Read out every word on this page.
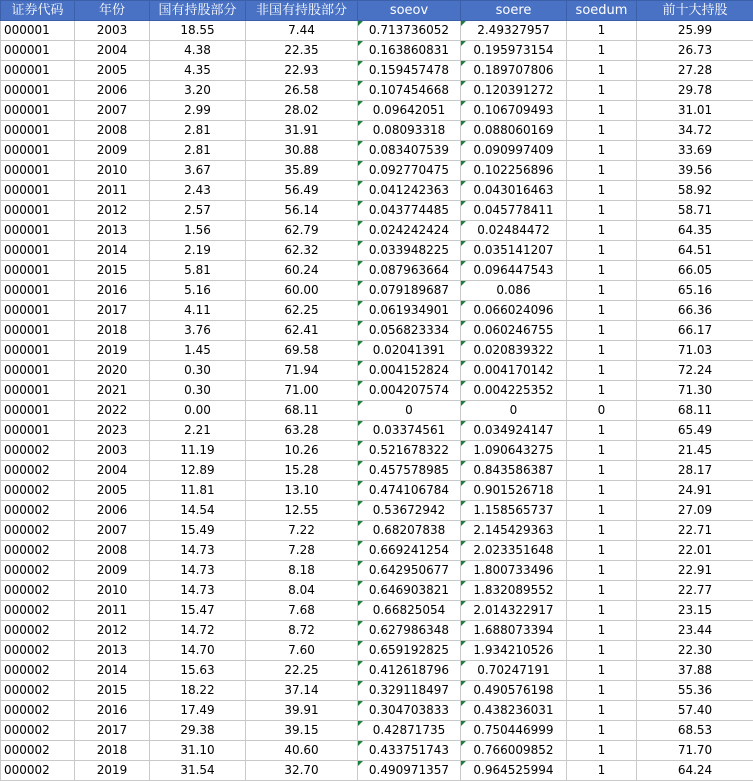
证券代码	年份	国有持股部分	非国有持股部分	soeov	soere	soedum	前十大持股
000001	2003	18.55	7.44	0.713736052	2.49327957	1	25.99
000001	2004	4.38	22.35	0.163860831	0.195973154	1	26.73
000001	2005	4.35	22.93	0.159457478	0.189707806	1	27.28
000001	2006	3.20	26.58	0.107454668	0.120391272	1	29.78
000001	2007	2.99	28.02	0.09642051	0.106709493	1	31.01
000001	2008	2.81	31.91	0.08093318	0.088060169	1	34.72
000001	2009	2.81	30.88	0.083407539	0.090997409	1	33.69
000001	2010	3.67	35.89	0.092770475	0.102256896	1	39.56
000001	2011	2.43	56.49	0.041242363	0.043016463	1	58.92
000001	2012	2.57	56.14	0.043774485	0.045778411	1	58.71
000001	2013	1.56	62.79	0.024242424	0.02484472	1	64.35
000001	2014	2.19	62.32	0.033948225	0.035141207	1	64.51
000001	2015	5.81	60.24	0.087963664	0.096447543	1	66.05
000001	2016	5.16	60.00	0.079189687	0.086	1	65.16
000001	2017	4.11	62.25	0.061934901	0.066024096	1	66.36
000001	2018	3.76	62.41	0.056823334	0.060246755	1	66.17
000001	2019	1.45	69.58	0.02041391	0.020839322	1	71.03
000001	2020	0.30	71.94	0.004152824	0.004170142	1	72.24
000001	2021	0.30	71.00	0.004207574	0.004225352	1	71.30
000001	2022	0.00	68.11	0	0	0	68.11
000001	2023	2.21	63.28	0.03374561	0.034924147	1	65.49
000002	2003	11.19	10.26	0.521678322	1.090643275	1	21.45
000002	2004	12.89	15.28	0.457578985	0.843586387	1	28.17
000002	2005	11.81	13.10	0.474106784	0.901526718	1	24.91
000002	2006	14.54	12.55	0.53672942	1.158565737	1	27.09
000002	2007	15.49	7.22	0.68207838	2.145429363	1	22.71
000002	2008	14.73	7.28	0.669241254	2.023351648	1	22.01
000002	2009	14.73	8.18	0.642950677	1.800733496	1	22.91
000002	2010	14.73	8.04	0.646903821	1.832089552	1	22.77
000002	2011	15.47	7.68	0.66825054	2.014322917	1	23.15
000002	2012	14.72	8.72	0.627986348	1.688073394	1	23.44
000002	2013	14.70	7.60	0.659192825	1.934210526	1	22.30
000002	2014	15.63	22.25	0.412618796	0.70247191	1	37.88
000002	2015	18.22	37.14	0.329118497	0.490576198	1	55.36
000002	2016	17.49	39.91	0.304703833	0.438236031	1	57.40
000002	2017	29.38	39.15	0.42871735	0.750446999	1	68.53
000002	2018	31.10	40.60	0.433751743	0.766009852	1	71.70
000002	2019	31.54	32.70	0.490971357	0.964525994	1	64.24
